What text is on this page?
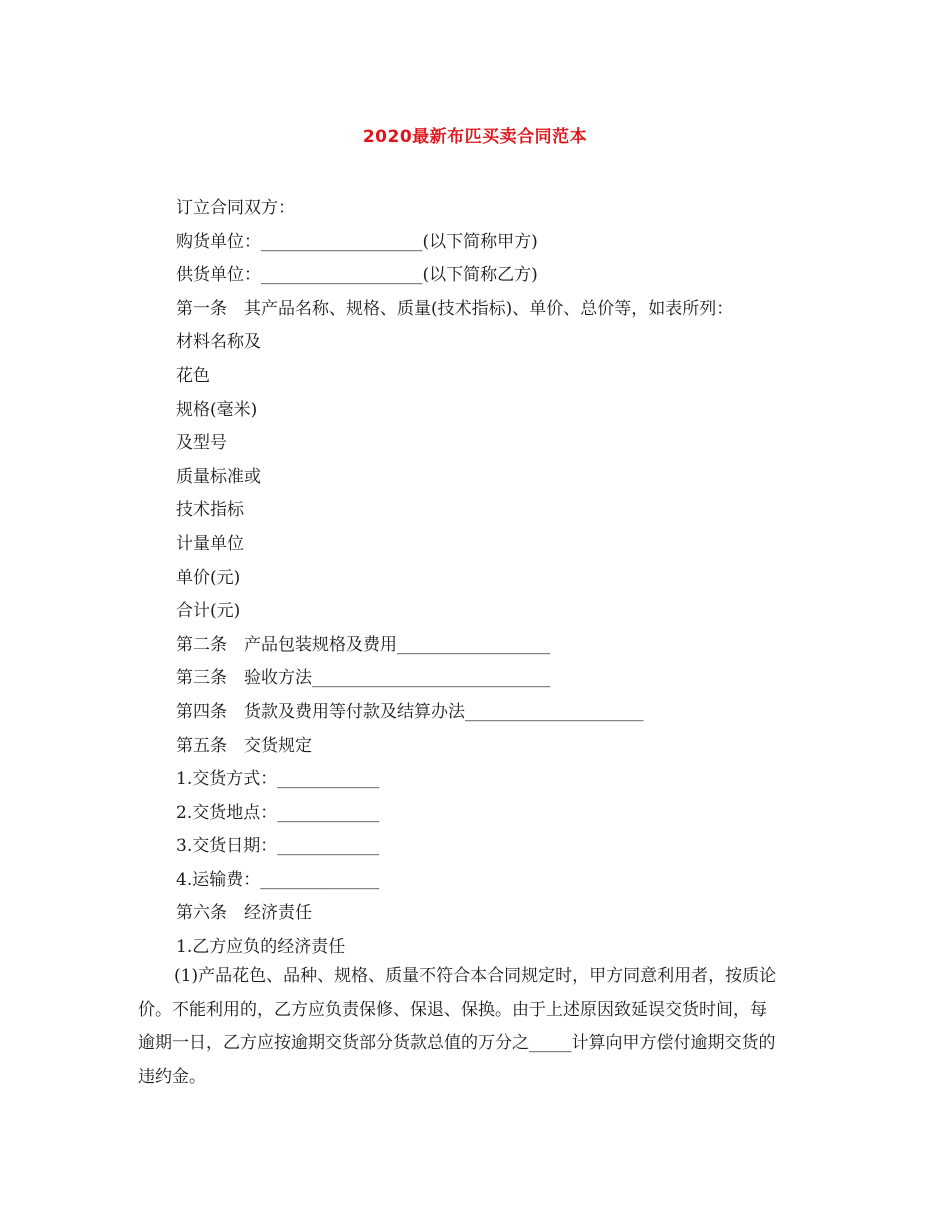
2020最新布匹买卖合同范本
订立合同双方：
购货单位：___________________(以下简称甲方)
供货单位：___________________(以下简称乙方)
第一条　其产品名称、规格、质量(技术指标)、单价、总价等，如表所列：
材料名称及
花色
规格(毫米)
及型号
质量标准或
技术指标
计量单位
单价(元)
合计(元)
第二条　产品包装规格及费用__________________
第三条　验收方法____________________________
第四条　货款及费用等付款及结算办法_____________________
第五条　交货规定
1.交货方式：____________
2.交货地点：____________
3.交货日期：____________
4.运输费：______________
第六条　经济责任
1.乙方应负的经济责任
(1)产品花色、品种、规格、质量不符合本合同规定时，甲方同意利用者，按质论价。不能利用的，乙方应负责保修、保退、保换。由于上述原因致延误交货时间，每逾期一日，乙方应按逾期交货部分货款总值的万分之_____计算向甲方偿付逾期交货的违约金。
